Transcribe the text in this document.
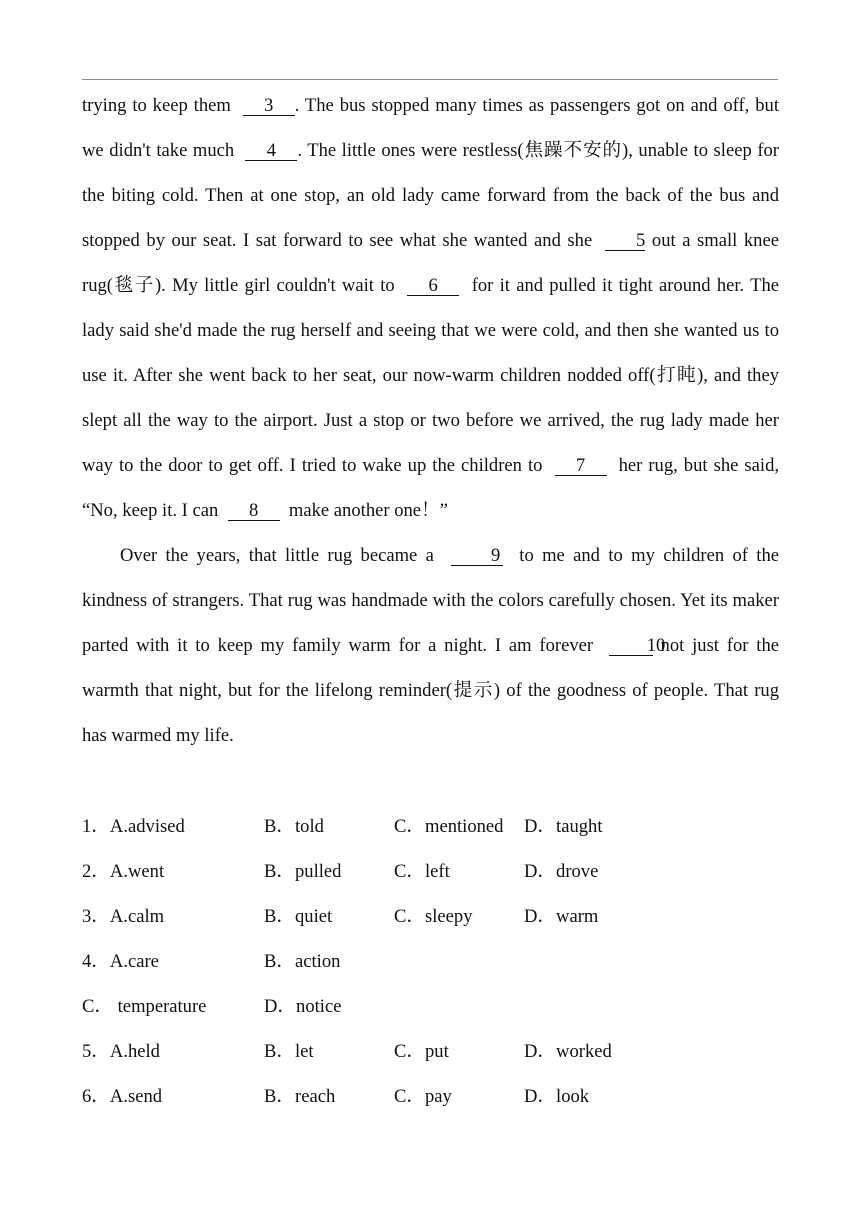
trying to keep them 3 . The bus stopped many times as passengers got on and off, but we didn't take much 4 . The little ones were restless(焦躁不安的), unable to sleep for the biting cold. Then at one stop, an old lady came forward from the back of the bus and stopped by our seat. I sat forward to see what she wanted and she 5 out a small knee rug(毯子). My little girl couldn't wait to 6 for it and pulled it tight around her. The lady said she'd made the rug herself and seeing that we were cold, and then she wanted us to use it. After she went back to her seat, our now-warm children nodded off(打盹), and they slept all the way to the airport. Just a stop or two before we arrived, the rug lady made her way to the door to get off. I tried to wake up the children to 7 her rug, but she said, “No, keep it. I can 8 make another one！”

Over the years, that little rug became a	9 to me and to my children of the kindness of strangers. That rug was handmade with the colors carefully chosen. Yet its maker parted with it to keep my family warm for a night. I am forever	10 not just for the warmth that night, but for the lifelong reminder(提示) of the goodness of people. That rug has warmed my life.

1．A.advised	B．told	C．mentioned D．taught
2．A.went	B．pulled	C．left	D．drove
3．A.calm	B．quiet	C．sleepy	D．warm
4．A.care	B．action
C． temperature	D．notice
5．A.held	B．let	C．put	D．worked
6．A.send	B．reach	C．pay	D．look
